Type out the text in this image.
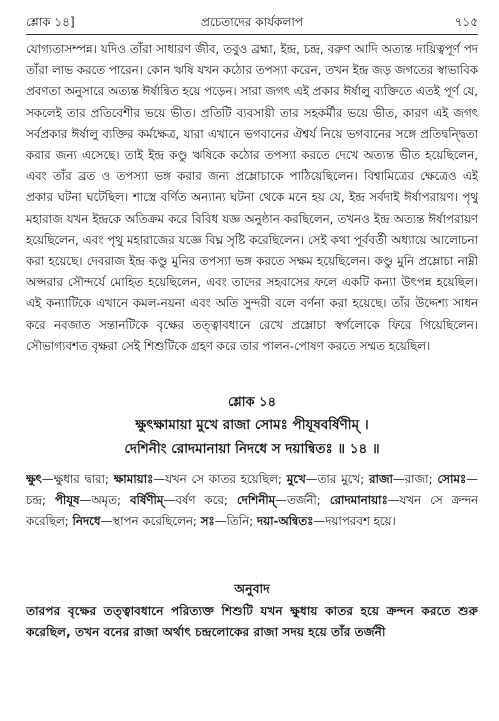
শ্লোক ১৪]	প্রচেতাদের কার্যকলাপ	৭১৫

যোগ্যতাসম্পন্ন। যদিও তাঁরা সাধারণ জীব, তবুও ব্রহ্মা, ইন্দ্র, চন্দ্র, বরুণ আদি অত্যন্ত দায়িত্বপূর্ণ পদ তাঁরা লাভ করতে পারেন। কোন ঋষি যখন কঠোর তপস্যা করেন, তখন ইন্দ্র জড় জগতের স্বাভাবিক প্রবণতা অনুসারে অত্যন্ত ঈর্ষান্বিত হয়ে পড়েন। সারা জগৎ এই প্রকার ঈর্ষালু ব্যক্তিতে এতই পূর্ণ যে, সকলেই তার প্রতিবেশীর ভয়ে ভীত। প্রতিটি ব্যবসায়ী তার সহকর্মীর ভয়ে ভীত, কারণ এই জগৎ সর্বপ্রকার ঈর্ষালু ব্যক্তির কর্মক্ষেত্র, যারা এখানে ভগবানের ঐশ্বর্য নিয়ে ভগবানের সঙ্গে প্রতিদ্বন্দ্বিতা করার জন্য এসেছে। তাই ইন্দ্র কণ্ডু ঋষিকে কঠোর তপস্যা করতে দেখে অত্যন্ত ভীত হয়েছিলেন, এবং তাঁর ব্রত ও তপস্যা ভঙ্গ করার জন্য প্রম্লোচাকে পাঠিয়েছিলেন। বিশ্বামিত্রের ক্ষেত্রেও এই প্রকার ঘটনা ঘটেছিল। শাস্ত্রে বর্ণিত অন্যান্য ঘটনা থেকে মনে হয় যে, ইন্দ্র সর্বদাই ঈর্ষাপরায়ণ। পৃথু মহারাজ যখন ইন্দ্রকে অতিক্রম করে বিবিধ যজ্ঞ অনুষ্ঠান করছিলেন, তখনও ইন্দ্র অত্যন্ত ঈর্ষাপরায়ণ হয়েছিলেন, এবং পৃথু মহারাজের যজ্ঞে বিঘ্ন সৃষ্টি করেছিলেন। সেই কথা পূর্ববর্তী অধ্যায়ে আলোচনা করা হয়েছে। দেবরাজ ইন্দ্র কণ্ডু মুনির তপস্যা ভঙ্গ করতে সক্ষম হয়েছিলেন। কণ্ডু মুনি প্রম্লোচা নাম্নী অপ্সরার সৌন্দর্যে মোহিত হয়েছিলেন, এবং তাদের সহবাসের ফলে একটি কন্যা উৎপন্ন হয়েছিল। এই কন্যাটিকে এখানে কমল-নয়না এবং অতি সুন্দরী বলে বর্ণনা করা হয়েছে। তাঁর উদ্দেশ্য সাধন করে নবজাত সন্তানটিকে বৃক্ষের তত্ত্বাবধানে রেখে প্রম্লোচা স্বর্গলোকে ফিরে গিয়েছিলেন। সৌভাগ্যবশত বৃক্ষরা সেই শিশুটিকে গ্রহণ করে তার পালন-পোষণ করতে সম্মত হয়েছিল।

শ্লোক ১৪
ক্ষুৎক্ষামায়া মুখে রাজা সোমঃ পীযূষবর্ষিণীম্ ।
দেশিনীং রোদমানায়া নিদধে স দয়ান্বিতঃ ॥ ১৪ ॥
ক্ষুৎ—ক্ষুধার দ্বারা; ক্ষামায়াঃ—যখন সে কাতর হয়েছিল; মুখে—তার মুখে; রাজা—রাজা; সোমঃ—চন্দ্র; পীযূষ—অমৃত; বর্ষিণীম্—বর্ষণ করে; দেশিনীম্—তর্জনী; রোদমানায়াঃ—যখন সে ক্রন্দন করেছিল; নিদধে—স্থাপন করেছিলেন; সঃ—তিনি; দয়া-অন্বিতঃ—দয়াপরবশ হয়ে।
অনুবাদ
তারপর বৃক্ষের তত্ত্বাবধানে পরিত্যক্ত শিশুটি যখন ক্ষুধায় কাতর হয়ে ক্রন্দন করতে শুরু করেছিল, তখন বনের রাজা অর্থাৎ চন্দ্রলোকের রাজা সদয় হয়ে তাঁর তর্জনী
